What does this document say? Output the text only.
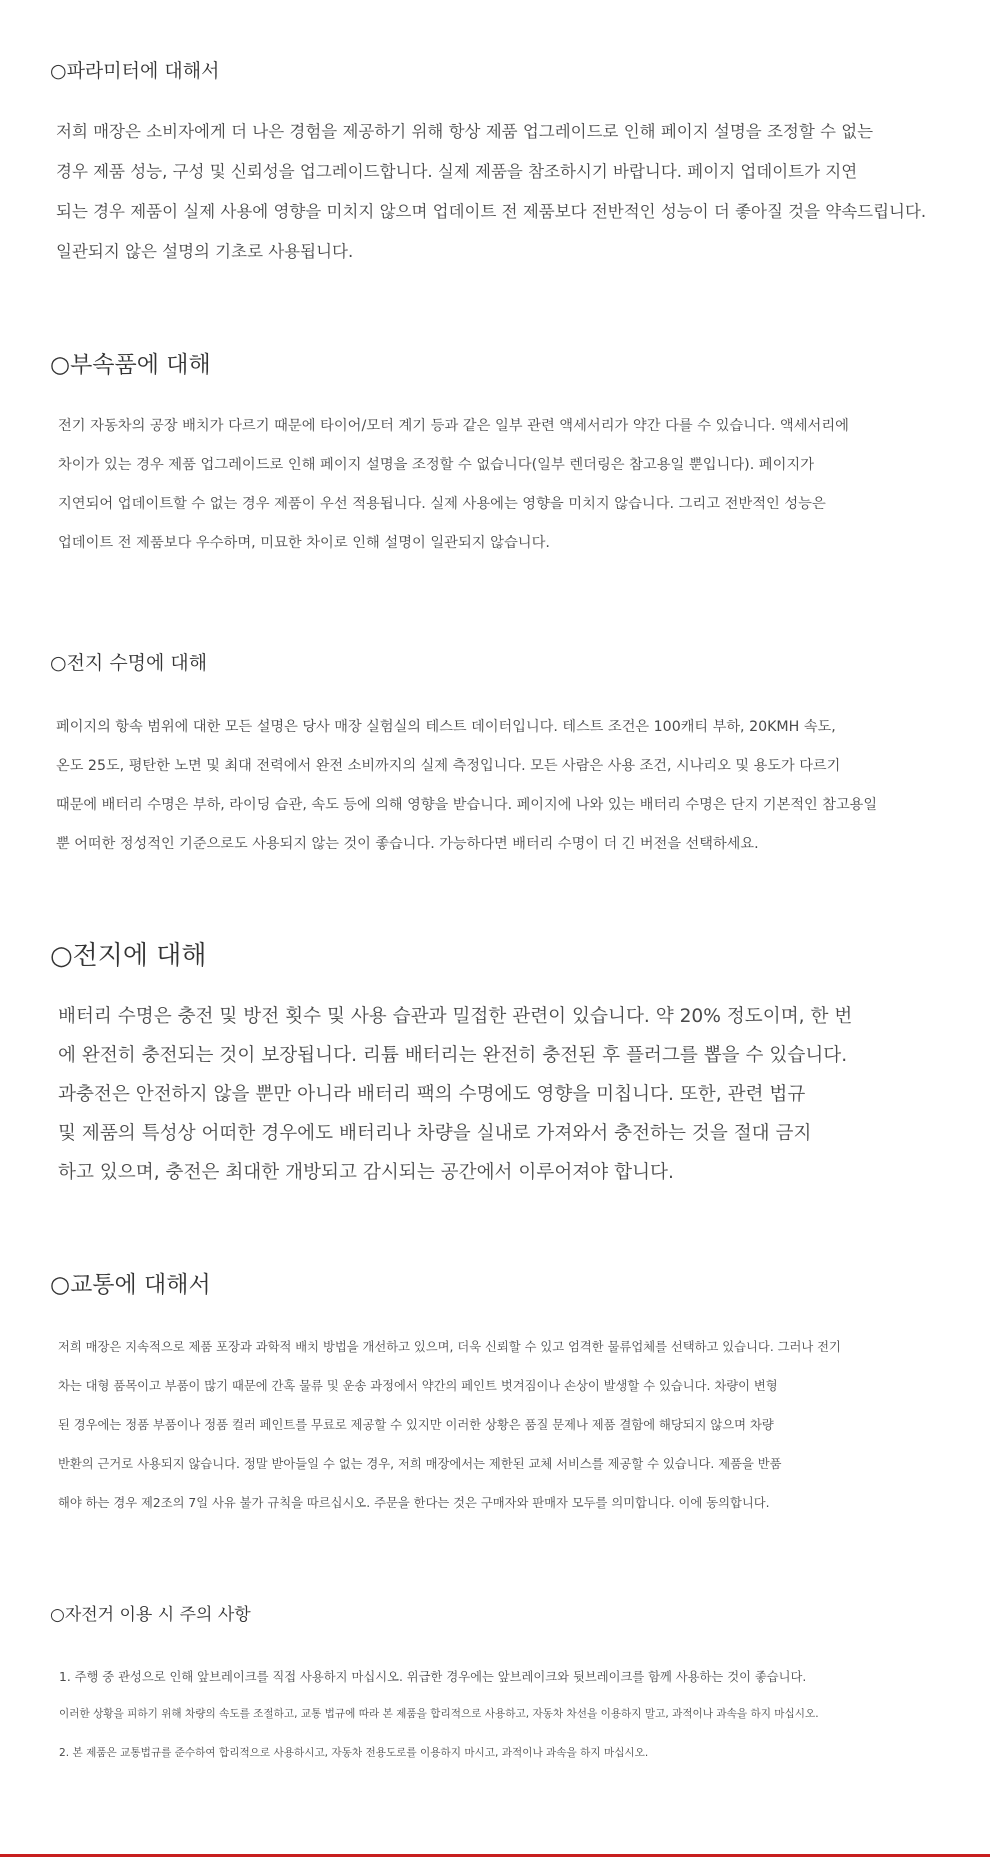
○파라미터에 대해서
저희 매장은 소비자에게 더 나은 경험을 제공하기 위해 항상 제품 업그레이드로 인해 페이지 설명을 조정할 수 없는
경우 제품 성능, 구성 및 신뢰성을 업그레이드합니다. 실제 제품을 참조하시기 바랍니다. 페이지 업데이트가 지연
되는 경우 제품이 실제 사용에 영향을 미치지 않으며 업데이트 전 제품보다 전반적인 성능이 더 좋아질 것을 약속드립니다.
일관되지 않은 설명의 기초로 사용됩니다.
○부속품에 대해
전기 자동차의 공장 배치가 다르기 때문에 타이어/모터 계기 등과 같은 일부 관련 액세서리가 약간 다를 수 있습니다. 액세서리에
차이가 있는 경우 제품 업그레이드로 인해 페이지 설명을 조정할 수 없습니다(일부 렌더링은 참고용일 뿐입니다). 페이지가
지연되어 업데이트할 수 없는 경우 제품이 우선 적용됩니다. 실제 사용에는 영향을 미치지 않습니다. 그리고 전반적인 성능은
업데이트 전 제품보다 우수하며, 미묘한 차이로 인해 설명이 일관되지 않습니다.
○전지 수명에 대해
페이지의 항속 범위에 대한 모든 설명은 당사 매장 실험실의 테스트 데이터입니다. 테스트 조건은 100캐티 부하, 20KMH 속도,
온도 25도, 평탄한 노면 및 최대 전력에서 완전 소비까지의 실제 측정입니다. 모든 사람은 사용 조건, 시나리오 및 용도가 다르기
때문에 배터리 수명은 부하, 라이딩 습관, 속도 등에 의해 영향을 받습니다. 페이지에 나와 있는 배터리 수명은 단지 기본적인 참고용일
뿐 어떠한 정성적인 기준으로도 사용되지 않는 것이 좋습니다. 가능하다면 배터리 수명이 더 긴 버전을 선택하세요.
○전지에 대해
배터리 수명은 충전 및 방전 횟수 및 사용 습관과 밀접한 관련이 있습니다. 약 20% 정도이며, 한 번
에 완전히 충전되는 것이 보장됩니다. 리튬 배터리는 완전히 충전된 후 플러그를 뽑을 수 있습니다.
과충전은 안전하지 않을 뿐만 아니라 배터리 팩의 수명에도 영향을 미칩니다. 또한, 관련 법규
및 제품의 특성상 어떠한 경우에도 배터리나 차량을 실내로 가져와서 충전하는 것을 절대 금지
하고 있으며, 충전은 최대한 개방되고 감시되는 공간에서 이루어져야 합니다.
○교통에 대해서
저희 매장은 지속적으로 제품 포장과 과학적 배치 방법을 개선하고 있으며, 더욱 신뢰할 수 있고 엄격한 물류업체를 선택하고 있습니다. 그러나 전기
차는 대형 품목이고 부품이 많기 때문에 간혹 물류 및 운송 과정에서 약간의 페인트 벗겨짐이나 손상이 발생할 수 있습니다. 차량이 변형
된 경우에는 정품 부품이나 정품 컬러 페인트를 무료로 제공할 수 있지만 이러한 상황은 품질 문제나 제품 결함에 해당되지 않으며 차량
반환의 근거로 사용되지 않습니다. 정말 받아들일 수 없는 경우, 저희 매장에서는 제한된 교체 서비스를 제공할 수 있습니다. 제품을 반품
해야 하는 경우 제2조의 7일 사유 불가 규칙을 따르십시오. 주문을 한다는 것은 구매자와 판매자 모두를 의미합니다. 이에 동의합니다.
○자전거 이용 시 주의 사항
1. 주행 중 관성으로 인해 앞브레이크를 직접 사용하지 마십시오. 위급한 경우에는 앞브레이크와 뒷브레이크를 함께 사용하는 것이 좋습니다.
이러한 상황을 피하기 위해 차량의 속도를 조절하고, 교통 법규에 따라 본 제품을 합리적으로 사용하고, 자동차 차선을 이용하지 말고, 과적이나 과속을 하지 마십시오.
2. 본 제품은 교통법규를 준수하여 합리적으로 사용하시고, 자동차 전용도로를 이용하지 마시고, 과적이나 과속을 하지 마십시오.
